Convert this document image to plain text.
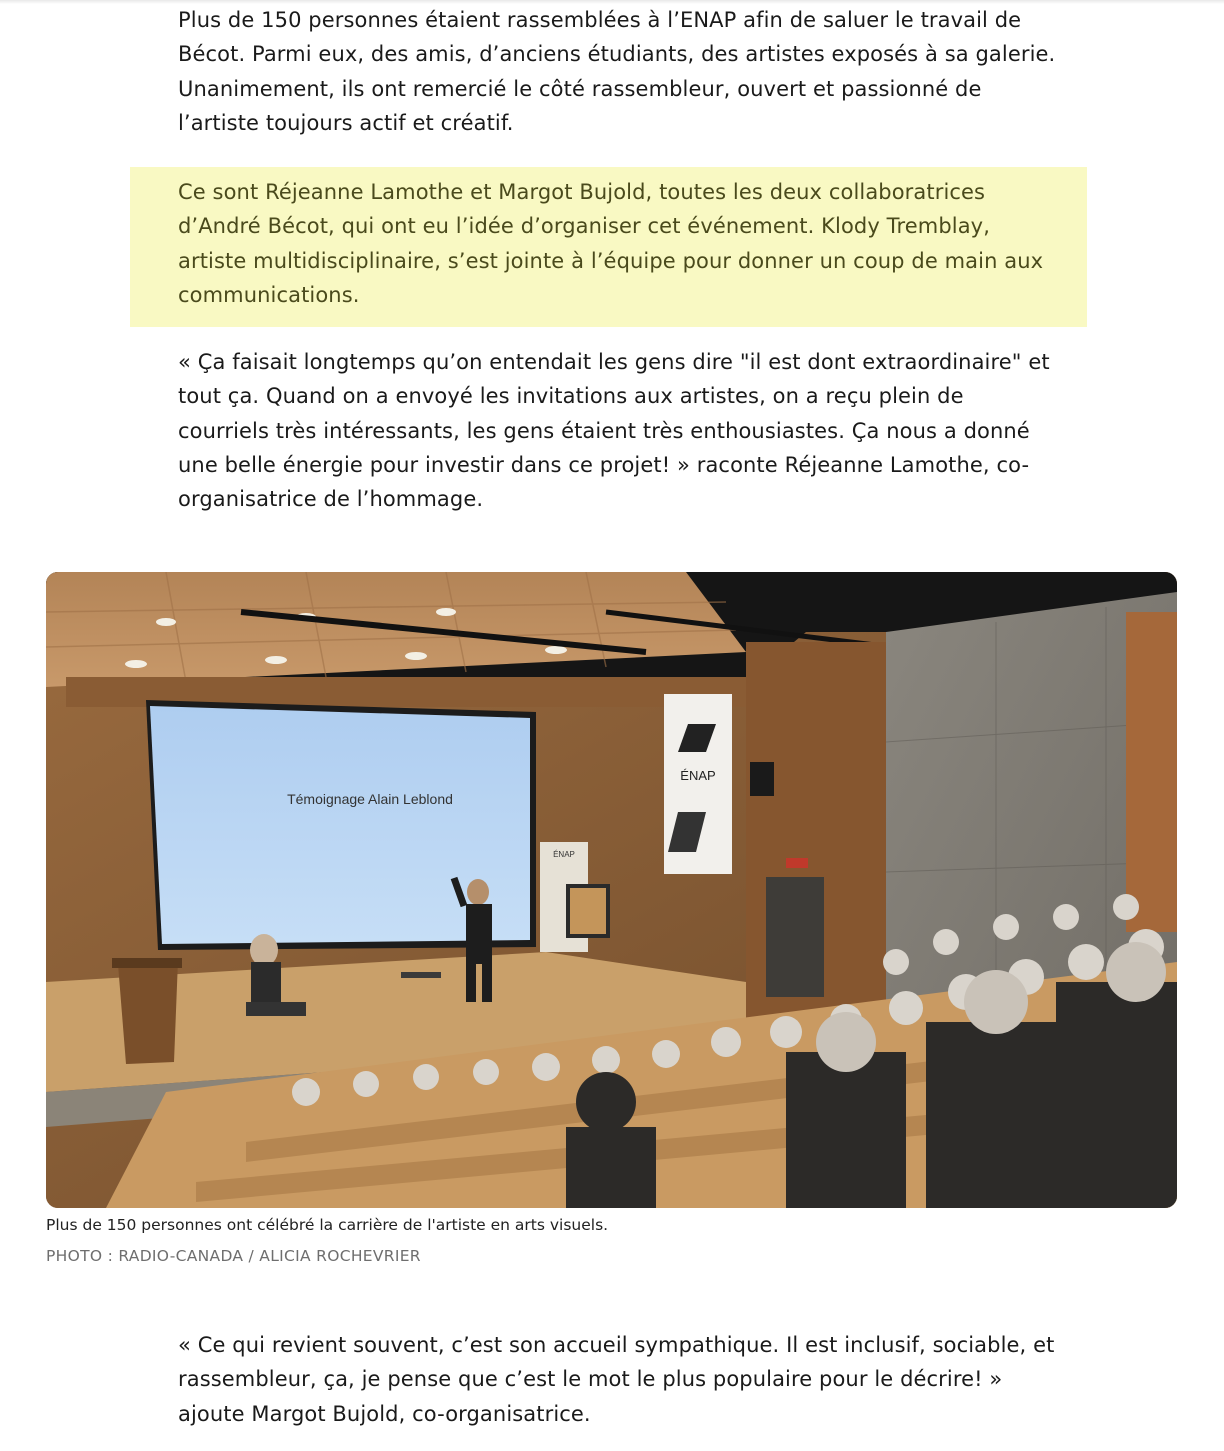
Plus de 150 personnes étaient rassemblées à l’ENAP afin de saluer le travail de Bécot. Parmi eux, des amis, d’anciens étudiants, des artistes exposés à sa galerie. Unanimement, ils ont remercié le côté rassembleur, ouvert et passionné de l’artiste toujours actif et créatif.

Ce sont Réjeanne Lamothe et Margot Bujold, toutes les deux collaboratrices d’André Bécot, qui ont eu l’idée d’organiser cet événement. Klody Tremblay, artiste multidisciplinaire, s’est jointe à l’équipe pour donner un coup de main aux communications.

« Ça faisait longtemps qu’on entendait les gens dire "il est dont extraordinaire" et tout ça. Quand on a envoyé les invitations aux artistes, on a reçu plein de courriels très intéressants, les gens étaient très enthousiastes. Ça nous a donné une belle énergie pour investir dans ce projet! » raconte Réjeanne Lamothe, co-organisatrice de l’hommage.

Témoignage Alain Leblond
ÉNAP
ÉNAP

Plus de 150 personnes ont célébré la carrière de l'artiste en arts visuels.

PHOTO : RADIO-CANADA / ALICIA ROCHEVRIER

« Ce qui revient souvent, c’est son accueil sympathique. Il est inclusif, sociable, et rassembleur, ça, je pense que c’est le mot le plus populaire pour le décrire! » ajoute Margot Bujold, co-organisatrice.
